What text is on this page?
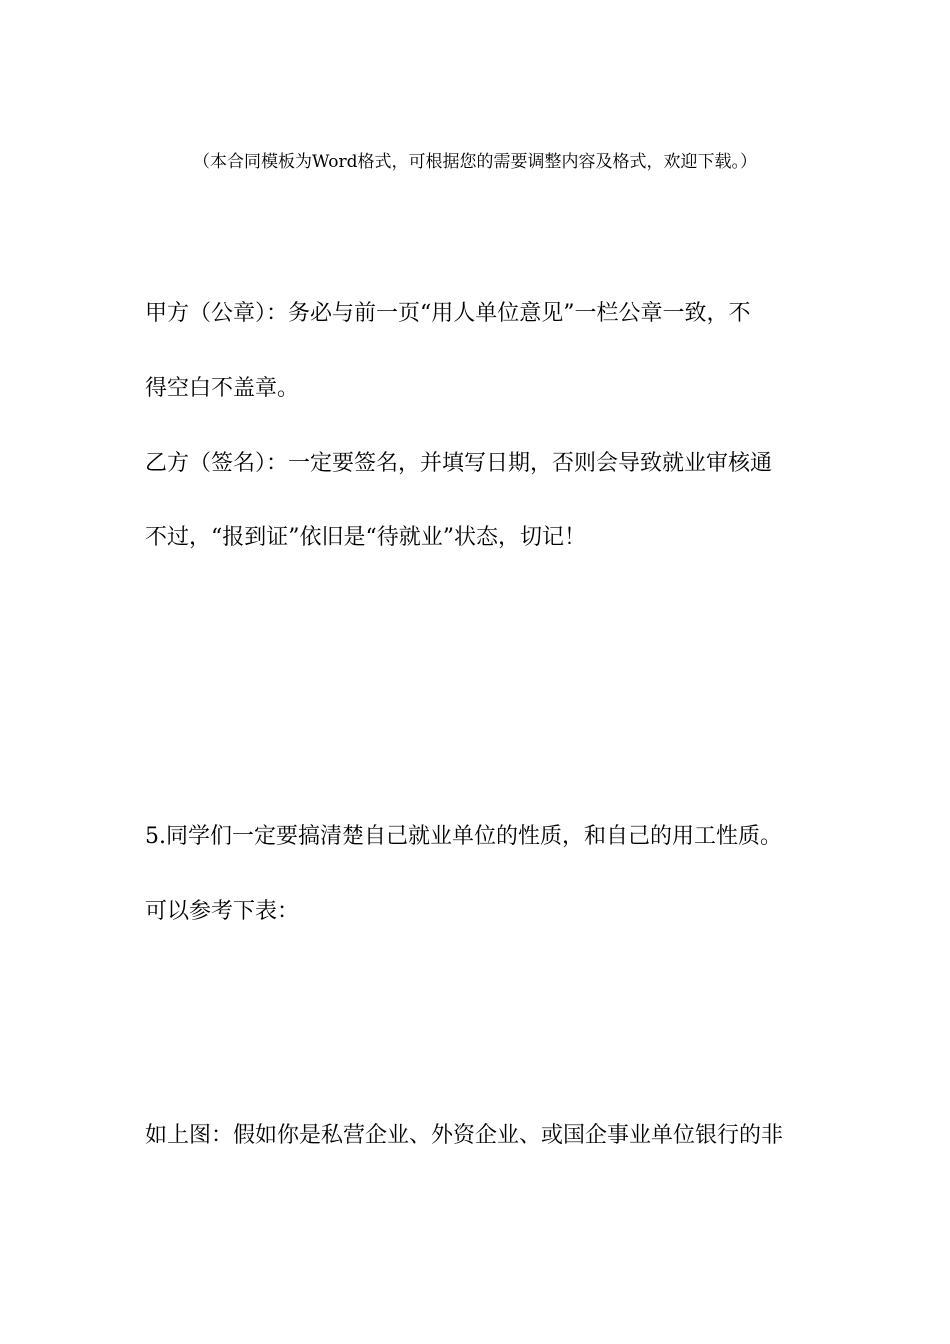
（本合同模板为Word格式，可根据您的需要调整内容及格式，欢迎下载。）
甲方（公章）：务必与前一页“用人单位意见”一栏公章一致，不
得空白不盖章。
乙方（签名）：一定要签名，并填写日期，否则会导致就业审核通
不过，“报到证”依旧是“待就业”状态，切记！
5.同学们一定要搞清楚自己就业单位的性质，和自己的用工性质。
可以参考下表：
如上图：假如你是私营企业、外资企业、或国企事业单位银行的非
